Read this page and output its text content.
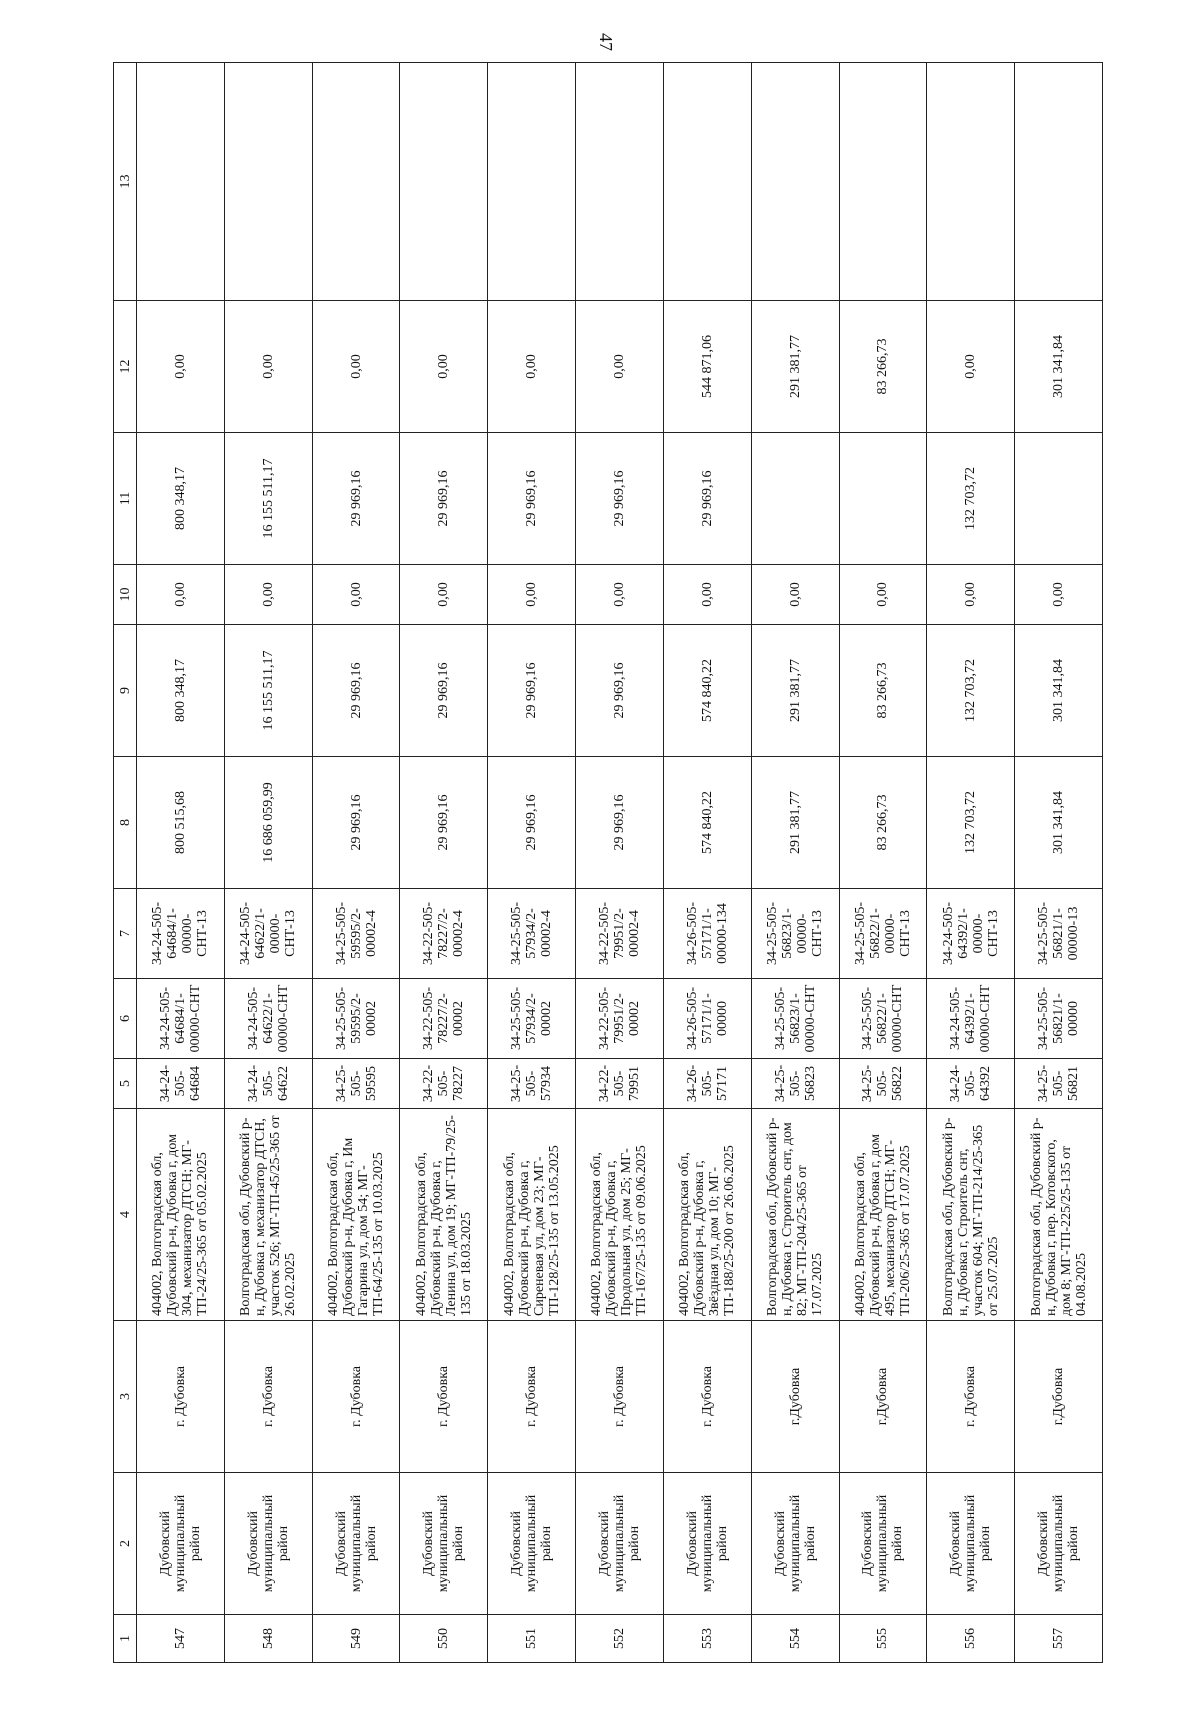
47
1	2	3	4	5	6	7	8	9	10	11	12	13
547	Дубовский муниципальный район	г. Дубовка	404002, Волгоградская обл, Дубовский р-н, Дубовка г, дом 304, механизатор ДТСН; МГ-ТП-24/25-365 от 05.02.2025	34-24-505-64684	34-24-505-64684/1-00000-СНТ	34-24-505-64684/1-00000-СНТ-13	800 515,68	800 348,17	0,00	800 348,17	0,00	
548	Дубовский муниципальный район	г. Дубовка	Волгоградская обл, Дубовский р-н, Дубовка г, механизатор ДТСН, участок 526; МГ-ТП-45/25-365 от 26.02.2025	34-24-505-64622	34-24-505-64622/1-00000-СНТ	34-24-505-64622/1-00000-СНТ-13	16 686 059,99	16 155 511,17	0,00	16 155 511,17	0,00	
549	Дубовский муниципальный район	г. Дубовка	404002, Волгоградская обл, Дубовский р-н, Дубовка г, Им Гагарина ул, дом 54; МГ-ТП-64/25-135 от 10.03.2025	34-25-505-59595	34-25-505-59595/2-00002	34-25-505-59595/2-00002-4	29 969,16	29 969,16	0,00	29 969,16	0,00	
550	Дубовский муниципальный район	г. Дубовка	404002, Волгоградская обл, Дубовский р-н, Дубовка г, Ленина ул, дом 19; МГ-ТП-79/25-135 от 18.03.2025	34-22-505-78227	34-22-505-78227/2-00002	34-22-505-78227/2-00002-4	29 969,16	29 969,16	0,00	29 969,16	0,00	
551	Дубовский муниципальный район	г. Дубовка	404002, Волгоградская обл, Дубовский р-н, Дубовка г, Сиреневая ул, дом 23; МГ-ТП-128/25-135 от 13.05.2025	34-25-505-57934	34-25-505-57934/2-00002	34-25-505-57934/2-00002-4	29 969,16	29 969,16	0,00	29 969,16	0,00	
552	Дубовский муниципальный район	г. Дубовка	404002, Волгоградская обл, Дубовский р-н, Дубовка г, Продольная ул, дом 25; МГ-ТП-167/25-135 от 09.06.2025	34-22-505-79951	34-22-505-79951/2-00002	34-22-505-79951/2-00002-4	29 969,16	29 969,16	0,00	29 969,16	0,00	
553	Дубовский муниципальный район	г. Дубовка	404002, Волгоградская обл, Дубовский р-н, Дубовка г, Звёздная ул, дом 10; МГ-ТП-188/25-200 от 26.06.2025	34-26-505-57171	34-26-505-57171/1-00000	34-26-505-57171/1-00000-134	574 840,22	574 840,22	0,00	29 969,16	544 871,06	
554	Дубовский муниципальный район	г.Дубовка	Волгоградская обл, Дубовский р-н, Дубовка г, Строитель снт, дом 82; МГ-ТП-204/25-365 от 17.07.2025	34-25-505-56823	34-25-505-56823/1-00000-СНТ	34-25-505-56823/1-00000-СНТ-13	291 381,77	291 381,77	0,00		291 381,77	
555	Дубовский муниципальный район	г.Дубовка	404002, Волгоградская обл, Дубовский р-н, Дубовка г, дом 495, механизатор ДТСН; МГ-ТП-206/25-365 от 17.07.2025	34-25-505-56822	34-25-505-56822/1-00000-СНТ	34-25-505-56822/1-00000-СНТ-13	83 266,73	83 266,73	0,00		83 266,73	
556	Дубовский муниципальный район	г. Дубовка	Волгоградская обл, Дубовский р-н, Дубовка г, Строитель снт, участок 604; МГ-ТП-214/25-365 от 25.07.2025	34-24-505-64392	34-24-505-64392/1-00000-СНТ	34-24-505-64392/1-00000-СНТ-13	132 703,72	132 703,72	0,00	132 703,72	0,00	
557	Дубовский муниципальный район	г.Дубовка	Волгоградская обл, Дубовский р-н, Дубовка г, пер. Котовского, дом 8; МГ-ТП-225/25-135 от 04.08.2025	34-25-505-56821	34-25-505-56821/1-00000	34-25-505-56821/1-00000-13	301 341,84	301 341,84	0,00		301 341,84	
